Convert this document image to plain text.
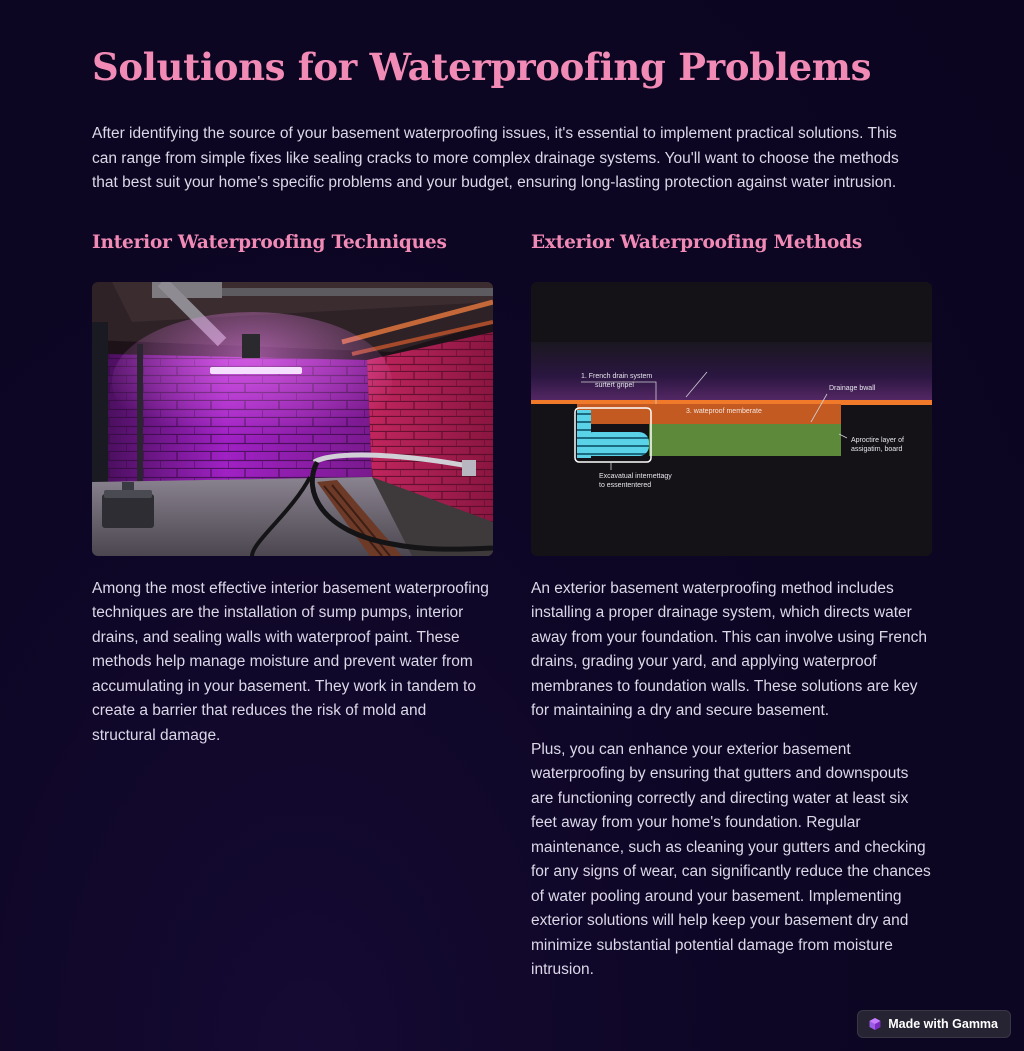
Solutions for Waterproofing Problems

After identifying the source of your basement waterproofing issues, it's essential to implement practical solutions. This can range from simple fixes like sealing cracks to more complex drainage systems. You'll want to choose the methods that best suit your home's specific problems and your budget, ensuring long-lasting protection against water intrusion.

Interior Waterproofing Techniques

Among the most effective interior basement waterproofing techniques are the installation of sump pumps, interior drains, and sealing walls with waterproof paint. These methods help manage moisture and prevent water from accumulating in your basement. They work in tandem to create a barrier that reduces the risk of mold and structural damage.

Exterior Waterproofing Methods
1. French drain system
surtert gripel
3. wateproof memberate
Drainage bwall
Aproctire layer of
assigatim, board
Excavatual internettagy
to essententered

An exterior basement waterproofing method includes installing a proper drainage system, which directs water away from your foundation. This can involve using French drains, grading your yard, and applying waterproof membranes to foundation walls. These solutions are key for maintaining a dry and secure basement.

Plus, you can enhance your exterior basement waterproofing by ensuring that gutters and downspouts are functioning correctly and directing water at least six feet away from your home's foundation. Regular maintenance, such as cleaning your gutters and checking for any signs of wear, can significantly reduce the chances of water pooling around your basement. Implementing exterior solutions will help keep your basement dry and minimize substantial potential damage from moisture intrusion.

Made with Gamma
